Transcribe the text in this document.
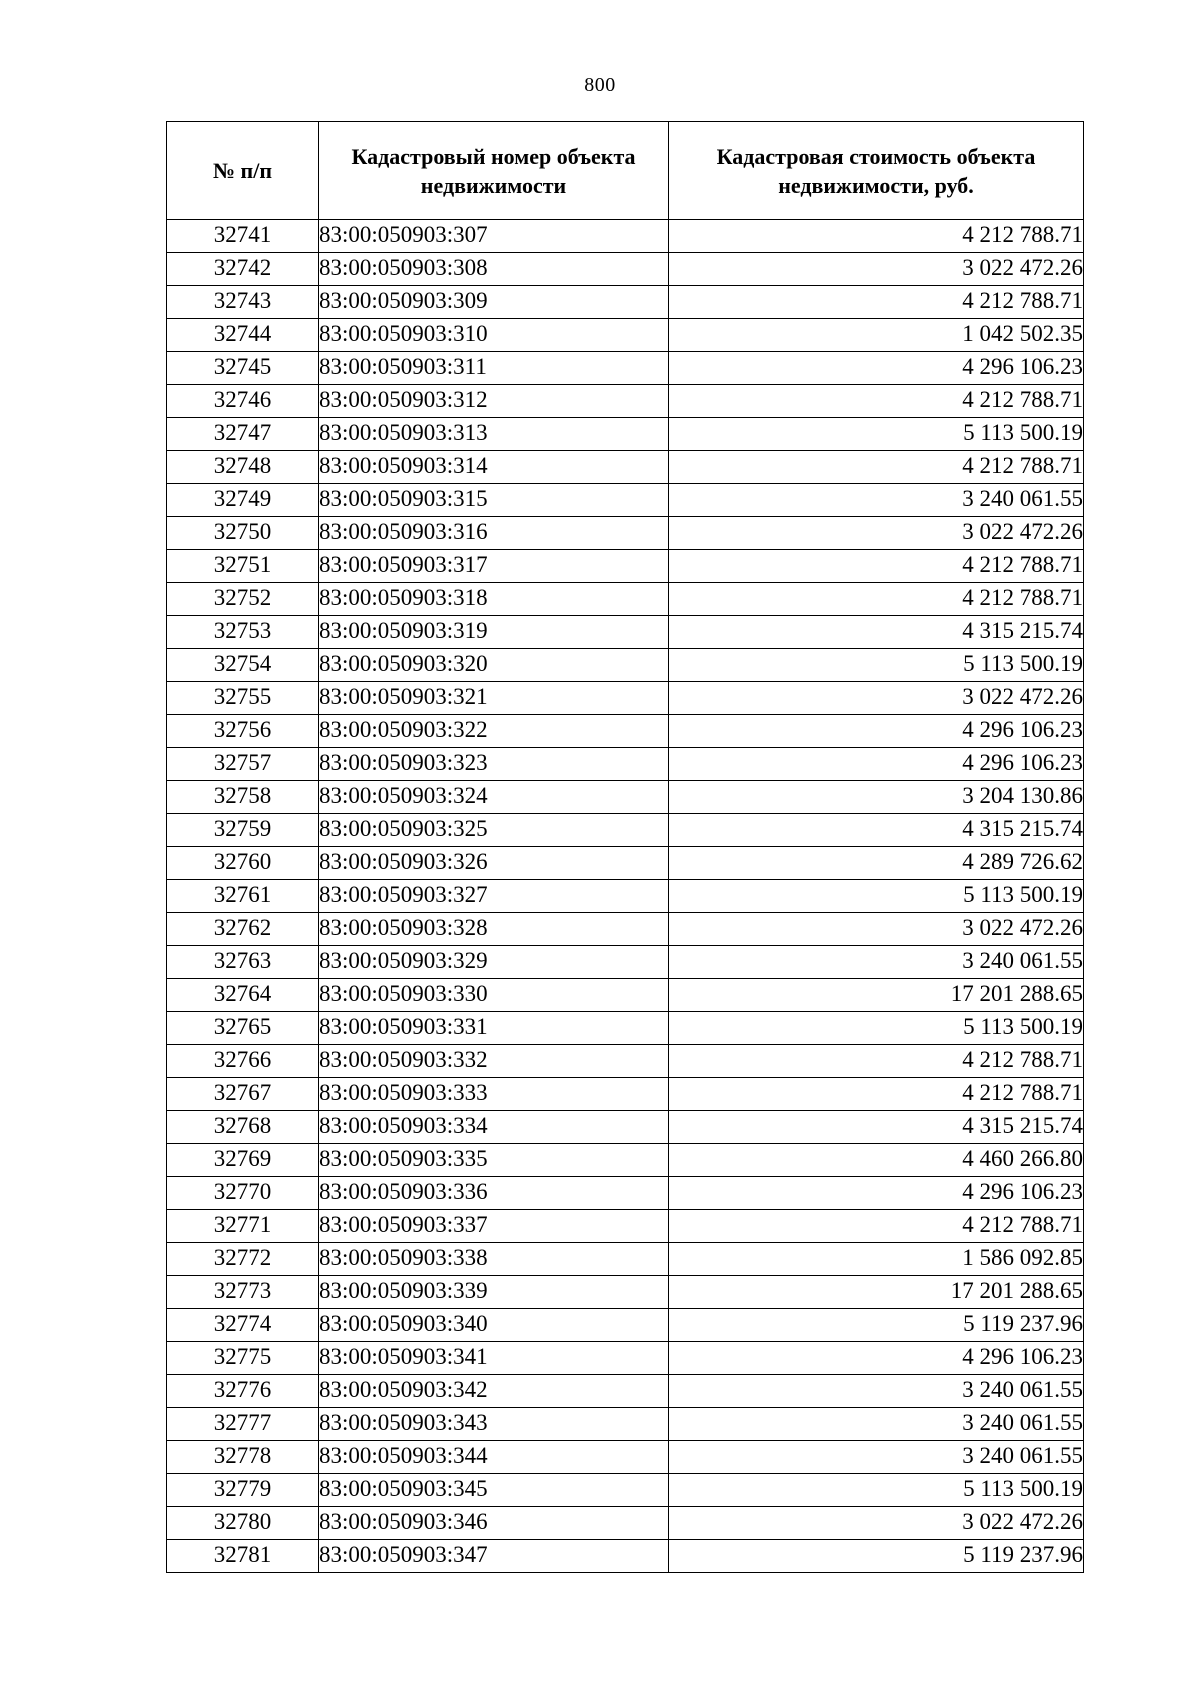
800
№ п/п	Кадастровый номер объекта недвижимости	Кадастровая стоимость объекта недвижимости, руб.
32741	83:00:050903:307	4 212 788.71
32742	83:00:050903:308	3 022 472.26
32743	83:00:050903:309	4 212 788.71
32744	83:00:050903:310	1 042 502.35
32745	83:00:050903:311	4 296 106.23
32746	83:00:050903:312	4 212 788.71
32747	83:00:050903:313	5 113 500.19
32748	83:00:050903:314	4 212 788.71
32749	83:00:050903:315	3 240 061.55
32750	83:00:050903:316	3 022 472.26
32751	83:00:050903:317	4 212 788.71
32752	83:00:050903:318	4 212 788.71
32753	83:00:050903:319	4 315 215.74
32754	83:00:050903:320	5 113 500.19
32755	83:00:050903:321	3 022 472.26
32756	83:00:050903:322	4 296 106.23
32757	83:00:050903:323	4 296 106.23
32758	83:00:050903:324	3 204 130.86
32759	83:00:050903:325	4 315 215.74
32760	83:00:050903:326	4 289 726.62
32761	83:00:050903:327	5 113 500.19
32762	83:00:050903:328	3 022 472.26
32763	83:00:050903:329	3 240 061.55
32764	83:00:050903:330	17 201 288.65
32765	83:00:050903:331	5 113 500.19
32766	83:00:050903:332	4 212 788.71
32767	83:00:050903:333	4 212 788.71
32768	83:00:050903:334	4 315 215.74
32769	83:00:050903:335	4 460 266.80
32770	83:00:050903:336	4 296 106.23
32771	83:00:050903:337	4 212 788.71
32772	83:00:050903:338	1 586 092.85
32773	83:00:050903:339	17 201 288.65
32774	83:00:050903:340	5 119 237.96
32775	83:00:050903:341	4 296 106.23
32776	83:00:050903:342	3 240 061.55
32777	83:00:050903:343	3 240 061.55
32778	83:00:050903:344	3 240 061.55
32779	83:00:050903:345	5 113 500.19
32780	83:00:050903:346	3 022 472.26
32781	83:00:050903:347	5 119 237.96
